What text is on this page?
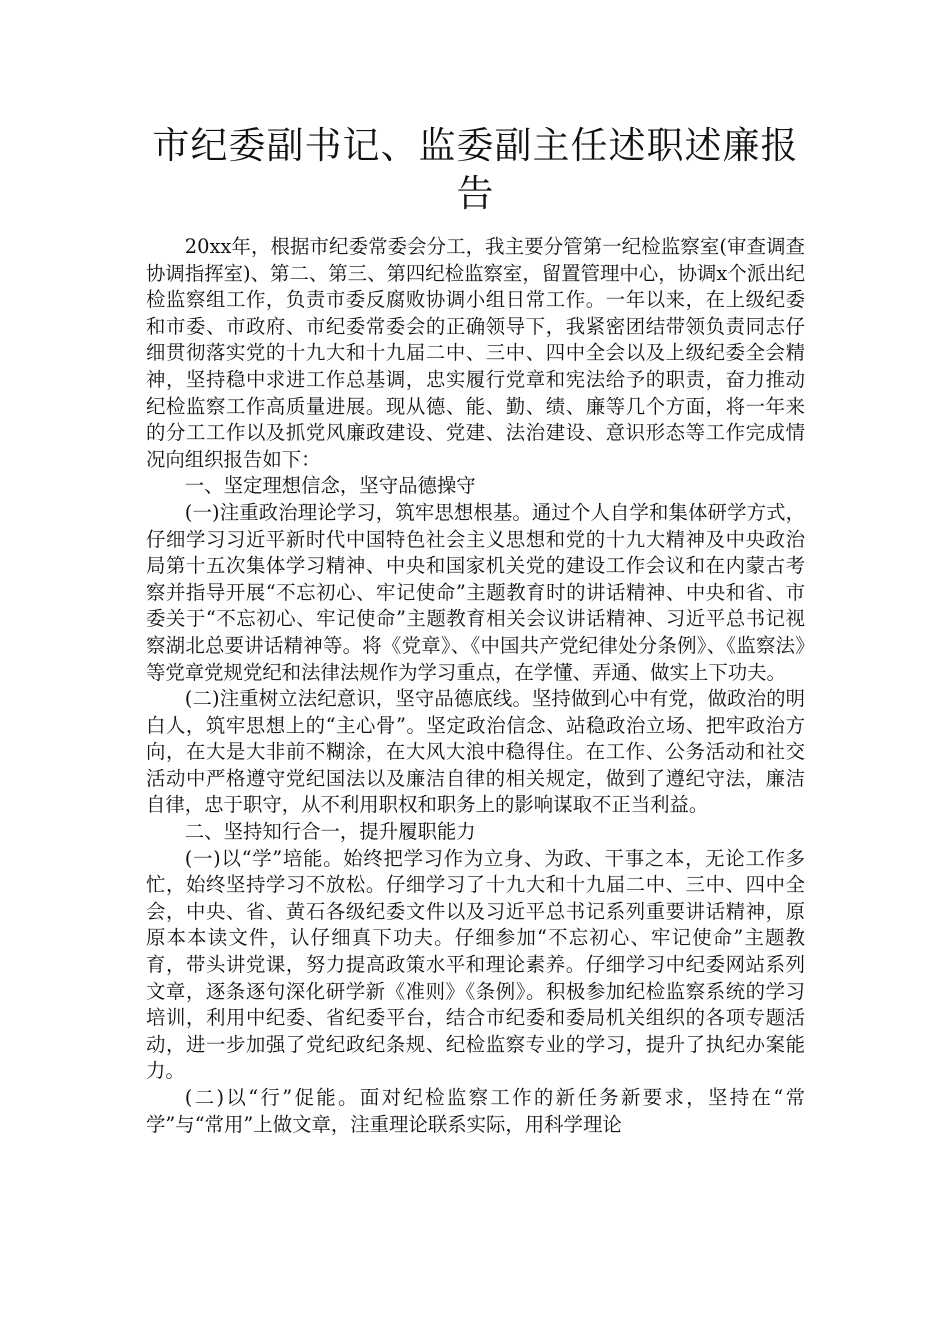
市纪委副书记、监委副主任述职述廉报
告

20xx年，根据市纪委常委会分工，我主要分管第一纪检监察室(审查调查协调指挥室)、第二、第三、第四纪检监察室，留置管理中心，协调x个派出纪检监察组工作，负责市委反腐败协调小组日常工作。一年以来，在上级纪委和市委、市政府、市纪委常委会的正确领导下，我紧密团结带领负责同志仔细贯彻落实党的十九大和十九届二中、三中、四中全会以及上级纪委全会精神，坚持稳中求进工作总基调，忠实履行党章和宪法给予的职责，奋力推动纪检监察工作高质量进展。现从德、能、勤、绩、廉等几个方面，将一年来的分工工作以及抓党风廉政建设、党建、法治建设、意识形态等工作完成情况向组织报告如下：

一、坚定理想信念，坚守品德操守

(一)注重政治理论学习，筑牢思想根基。通过个人自学和集体研学方式，仔细学习习近平新时代中国特色社会主义思想和党的十九大精神及中央政治局第十五次集体学习精神、中央和国家机关党的建设工作会议和在内蒙古考察并指导开展“不忘初心、牢记使命”主题教育时的讲话精神、中央和省、市委关于“不忘初心、牢记使命”主题教育相关会议讲话精神、习近平总书记视察湖北总要讲话精神等。将《党章》、《中国共产党纪律处分条例》、《监察法》等党章党规党纪和法律法规作为学习重点，在学懂、弄通、做实上下功夫。

(二)注重树立法纪意识，坚守品德底线。坚持做到心中有党，做政治的明白人，筑牢思想上的“主心骨”。坚定政治信念、站稳政治立场、把牢政治方向，在大是大非前不糊涂，在大风大浪中稳得住。在工作、公务活动和社交活动中严格遵守党纪国法以及廉洁自律的相关规定，做到了遵纪守法，廉洁自律，忠于职守，从不利用职权和职务上的影响谋取不正当利益。

二、坚持知行合一，提升履职能力

(一)以“学”培能。始终把学习作为立身、为政、干事之本，无论工作多忙，始终坚持学习不放松。仔细学习了十九大和十九届二中、三中、四中全会，中央、省、黄石各级纪委文件以及习近平总书记系列重要讲话精神，原原本本读文件，认仔细真下功夫。仔细参加“不忘初心、牢记使命”主题教育，带头讲党课，努力提高政策水平和理论素养。仔细学习中纪委网站系列文章，逐条逐句深化研学新《准则》《条例》。积极参加纪检监察系统的学习培训，利用中纪委、省纪委平台，结合市纪委和委局机关组织的各项专题活动，进一步加强了党纪政纪条规、纪检监察专业的学习，提升了执纪办案能力。

(二)以“行”促能。面对纪检监察工作的新任务新要求，坚持在“常学”与“常用”上做文章，注重理论联系实际，用科学理论
